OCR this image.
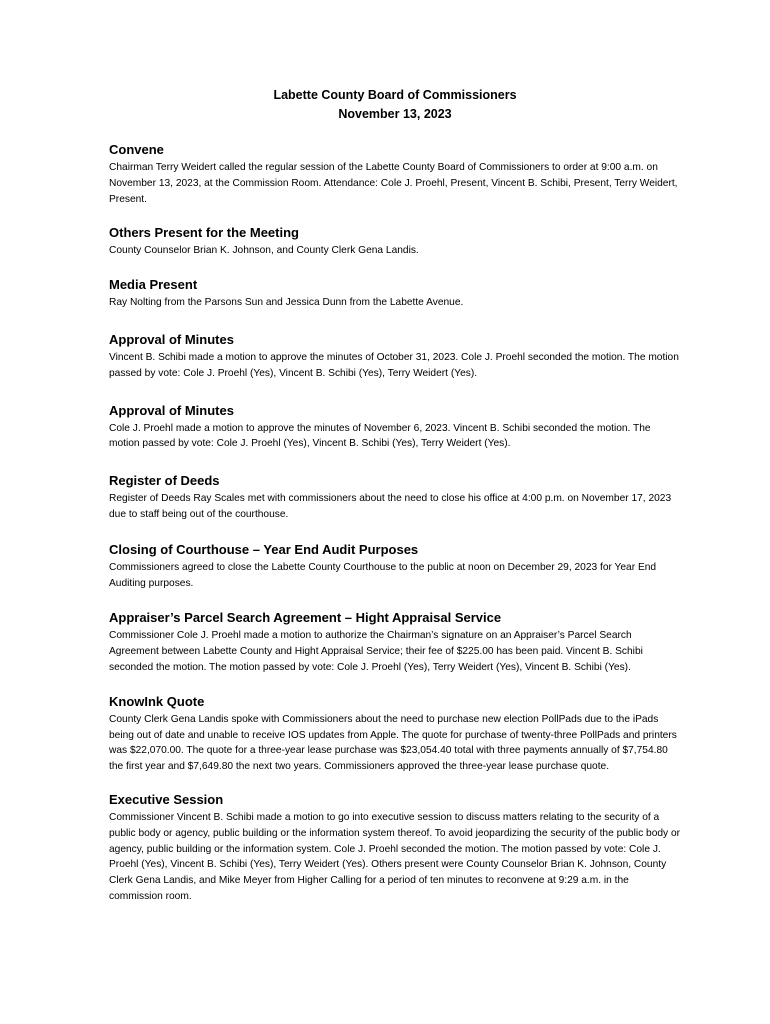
Labette County Board of Commissioners

November 13, 2023

Convene

Chairman Terry Weidert called the regular session of the Labette County Board of Commissioners to order at 9:00 a.m. on November 13, 2023, at the Commission Room. Attendance: Cole J. Proehl, Present, Vincent B. Schibi, Present, Terry Weidert, Present.

Others Present for the Meeting

County Counselor Brian K. Johnson, and County Clerk Gena Landis.

Media Present

Ray Nolting from the Parsons Sun and Jessica Dunn from the Labette Avenue.

Approval of Minutes

Vincent B. Schibi made a motion to approve the minutes of October 31, 2023. Cole J. Proehl seconded the motion. The motion passed by vote: Cole J. Proehl (Yes), Vincent B. Schibi (Yes), Terry Weidert (Yes).

Approval of Minutes

Cole J. Proehl made a motion to approve the minutes of November 6, 2023. Vincent B. Schibi seconded the motion. The motion passed by vote: Cole J. Proehl (Yes), Vincent B. Schibi (Yes), Terry Weidert (Yes).

Register of Deeds

Register of Deeds Ray Scales met with commissioners about the need to close his office at 4:00 p.m. on November 17, 2023 due to staff being out of the courthouse.

Closing of Courthouse – Year End Audit Purposes

Commissioners agreed to close the Labette County Courthouse to the public at noon on December 29, 2023 for Year End Auditing purposes.

Appraiser’s Parcel Search Agreement – Hight Appraisal Service

Commissioner Cole J. Proehl made a motion to authorize the Chairman’s signature on an Appraiser’s Parcel Search Agreement between Labette County and Hight Appraisal Service; their fee of $225.00 has been paid. Vincent B. Schibi seconded the motion. The motion passed by vote: Cole J. Proehl (Yes), Terry Weidert (Yes), Vincent B. Schibi (Yes).

KnowInk Quote

County Clerk Gena Landis spoke with Commissioners about the need to purchase new election PollPads due to the iPads being out of date and unable to receive IOS updates from Apple. The quote for purchase of twenty-three PollPads and printers was $22,070.00. The quote for a three-year lease purchase was $23,054.40 total with three payments annually of $7,754.80 the first year and $7,649.80 the next two years. Commissioners approved the three-year lease purchase quote.

Executive Session

Commissioner Vincent B. Schibi made a motion to go into executive session to discuss matters relating to the security of a public body or agency, public building or the information system thereof. To avoid jeopardizing the security of the public body or agency, public building or the information system. Cole J. Proehl seconded the motion. The motion passed by vote: Cole J. Proehl (Yes), Vincent B. Schibi (Yes), Terry Weidert (Yes). Others present were County Counselor Brian K. Johnson, County Clerk Gena Landis, and Mike Meyer from Higher Calling for a period of ten minutes to reconvene at 9:29 a.m. in the commission room.
